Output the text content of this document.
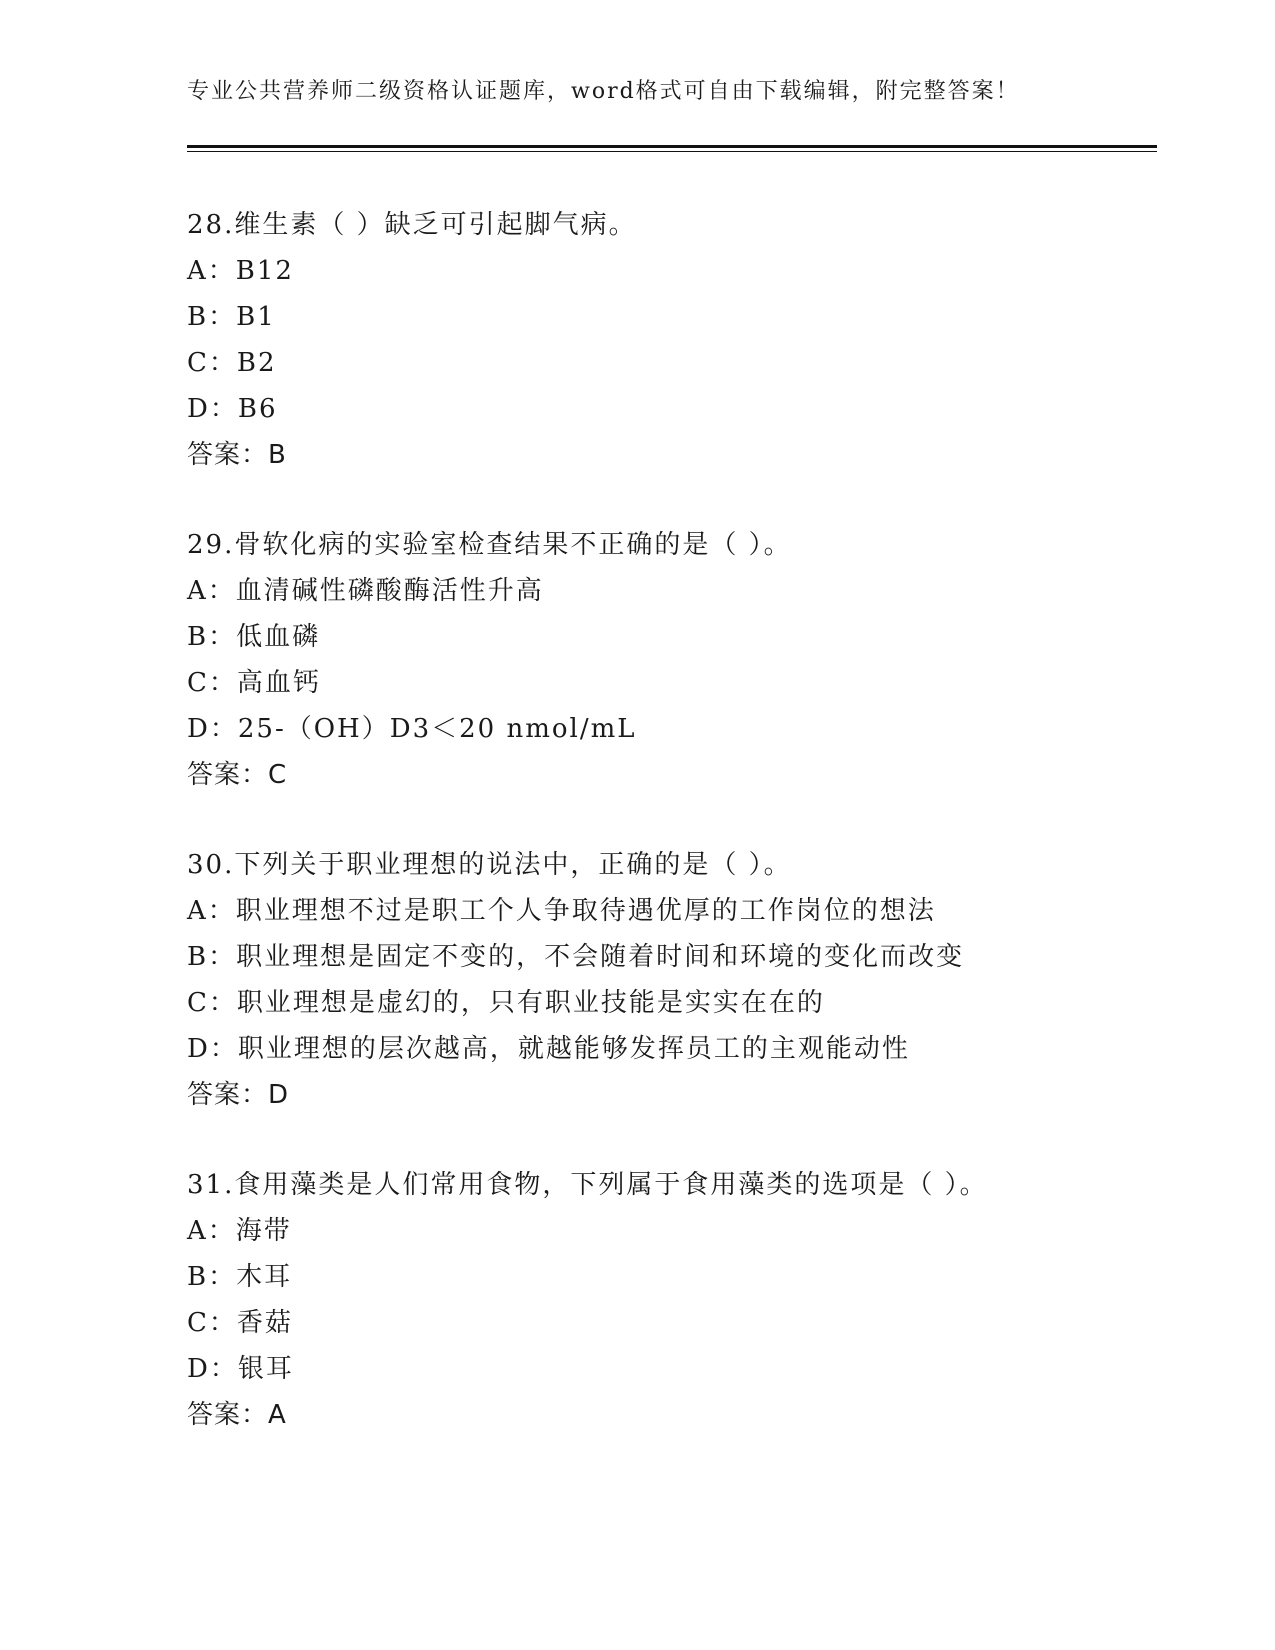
专业公共营养师二级资格认证题库，word格式可自由下载编辑，附完整答案！
28.维生素（ ）缺乏可引起脚气病。
A：B12
B：B1
C：B2
D：B6
答案：B
29.骨软化病的实验室检查结果不正确的是（ ）。
A：血清碱性磷酸酶活性升高
B：低血磷
C：高血钙
D：25-（OH）D3＜20 nmol/mL
答案：C
30.下列关于职业理想的说法中，正确的是（ ）。
A：职业理想不过是职工个人争取待遇优厚的工作岗位的想法
B：职业理想是固定不变的，不会随着时间和环境的变化而改变
C：职业理想是虚幻的，只有职业技能是实实在在的
D：职业理想的层次越高，就越能够发挥员工的主观能动性
答案：D
31.食用藻类是人们常用食物，下列属于食用藻类的选项是（ ）。
A：海带
B：木耳
C：香菇
D：银耳
答案：A
